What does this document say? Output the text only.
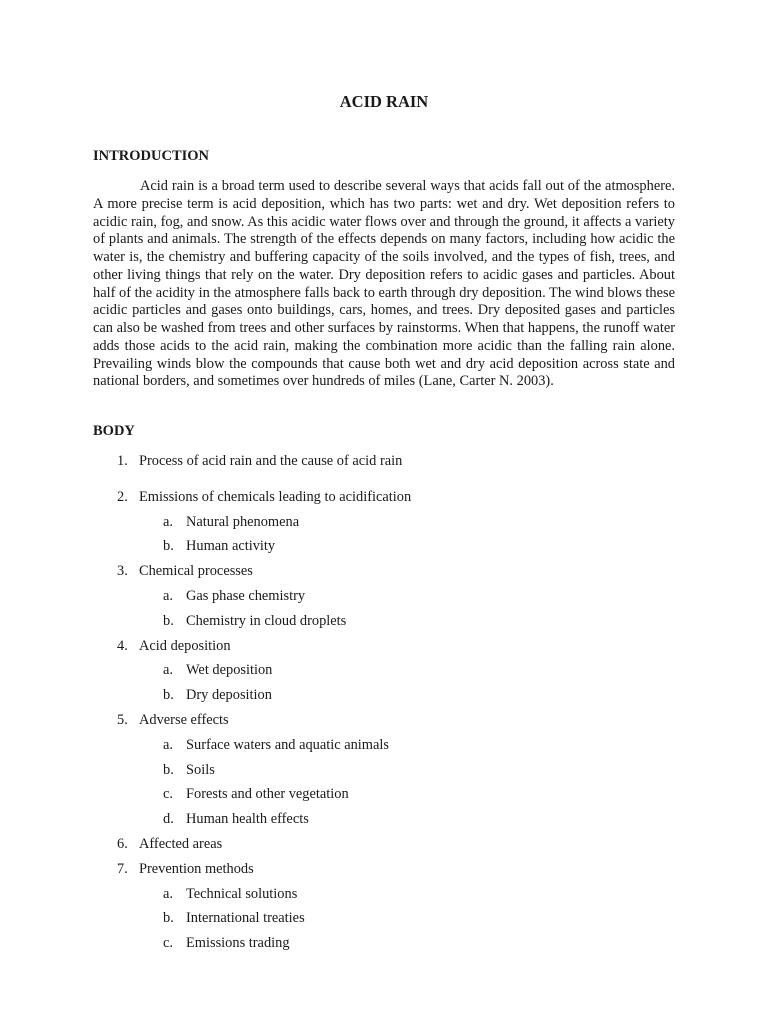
ACID RAIN
INTRODUCTION
Acid rain is a broad term used to describe several ways that acids fall out of the atmosphere. A more precise term is acid deposition, which has two parts: wet and dry. Wet deposition refers to acidic rain, fog, and snow. As this acidic water flows over and through the ground, it affects a variety of plants and animals. The strength of the effects depends on many factors, including how acidic the water is, the chemistry and buffering capacity of the soils involved, and the types of fish, trees, and other living things that rely on the water. Dry deposition refers to acidic gases and particles. About half of the acidity in the atmosphere falls back to earth through dry deposition. The wind blows these acidic particles and gases onto buildings, cars, homes, and trees. Dry deposited gases and particles can also be washed from trees and other surfaces by rainstorms. When that happens, the runoff water adds those acids to the acid rain, making the combination more acidic than the falling rain alone. Prevailing winds blow the compounds that cause both wet and dry acid deposition across state and national borders, and sometimes over hundreds of miles (Lane, Carter N. 2003).
BODY
1. Process of acid rain and the cause of acid rain
2. Emissions of chemicals leading to acidification
a. Natural phenomena
b. Human activity
3. Chemical processes
a. Gas phase chemistry
b. Chemistry in cloud droplets
4. Acid deposition
a. Wet deposition
b. Dry deposition
5. Adverse effects
a. Surface waters and aquatic animals
b. Soils
c. Forests and other vegetation
d. Human health effects
6. Affected areas
7. Prevention methods
a. Technical solutions
b. International treaties
c. Emissions trading
